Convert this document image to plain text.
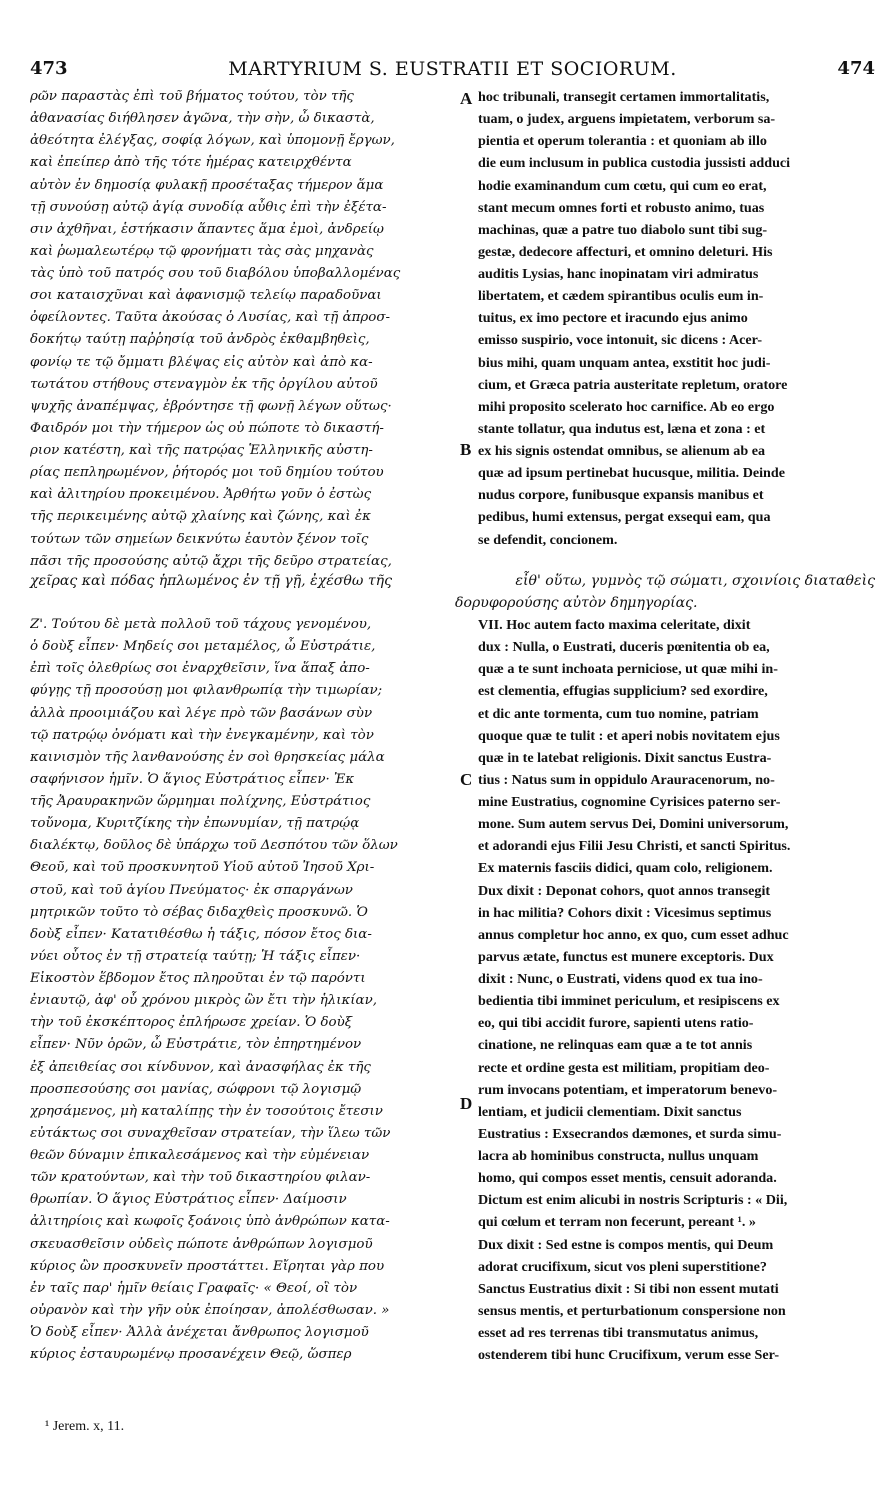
473	MARTYRIUM S. EUSTRATII ET SOCIORUM.	474
ρῶν παραστὰς ἐπὶ τοῦ βήματος τούτου, τὸν τῆς
ἀθανασίας διήθλησεν ἀγῶνα, τὴν σὴν, ὦ δικαστὰ,
ἀθεότητα ἐλέγξας, σοφίᾳ λόγων, καὶ ὑπομονῇ ἔργων,
καὶ ἐπείπερ ἀπὸ τῆς τότε ἡμέρας κατειρχθέντα
αὐτὸν ἐν δημοσίᾳ φυλακῇ προσέταξας τήμερον ἅμα
τῇ συνούσῃ αὐτῷ ἁγίᾳ συνοδίᾳ αὖθις ἐπὶ τὴν ἐξέτα-
σιν ἀχθῆναι, ἑστήκασιν ἅπαντες ἅμα ἐμοὶ, ἀνδρείῳ
καὶ ῥωμαλεωτέρῳ τῷ φρονήματι τὰς σὰς μηχανὰς
τὰς ὑπὸ τοῦ πατρός σου τοῦ διαβόλου ὑποβαλλομένας
σοι καταισχῦναι καὶ ἀφανισμῷ τελείῳ παραδοῦναι
ὀφείλοντες. Ταῦτα ἀκούσας ὁ Λυσίας, καὶ τῇ ἀπροσ-
δοκήτῳ ταύτῃ παῤῥησίᾳ τοῦ ἀνδρὸς ἐκθαμβηθεὶς,
φονίῳ τε τῷ ὄμματι βλέψας εἰς αὐτὸν καὶ ἀπὸ κα-
τωτάτου στήθους στεναγμὸν ἐκ τῆς ὀργίλου αὐτοῦ
ψυχῆς ἀναπέμψας, ἐβρόντησε τῇ φωνῇ λέγων οὕτως·
Φαιδρόν μοι τὴν τήμερον ὡς οὐ πώποτε τὸ δικαστή-
ριον κατέστη, καὶ τῆς πατρῴας Ἑλληνικῆς αὐστη-
ρίας πεπληρωμένον, ῥήτορός μοι τοῦ δημίου τούτου
καὶ ἀλιτηρίου προκειμένου. Ἀρθήτω γοῦν ὁ ἐστὼς
τῆς περικειμένης αὐτῷ χλαίνης καὶ ζώνης, καὶ ἐκ
τούτων τῶν σημείων δεικνύτω ἑαυτὸν ξένον τοῖς
πᾶσι τῆς προσούσης αὐτῷ ἄχρι τῆς δεῦρο στρατείας,
hoc tribunali, transegit certamen immortalitatis,
tuam, o judex, arguens impietatem, verborum sa-
pientia et operum tolerantia : et quoniam ab illo
die eum inclusum in publica custodia jussisti adduci
hodie examinandum cum cœtu, qui cum eo erat,
stant mecum omnes forti et robusto animo, tuas
machinas, quæ a patre tuo diabolo sunt tibi sug-
gestæ, dedecore affecturi, et omnino deleturi. His
auditis Lysias, hanc inopinatam viri admiratus
libertatem, et cædem spirantibus oculis eum in-
tuitus, ex imo pectore et iracundo ejus animo
emisso suspirio, voce intonuit, sic dicens : Acer-
bius mihi, quam unquam antea, exstitit hoc judi-
cium, et Græca patria austeritate repletum, oratore
mihi proposito scelerato hoc carnifice. Ab eo ergo
stante tollatur, qua indutus est, læna et zona : et
ex his signis ostendat omnibus, se alienum ab ea
quæ ad ipsum pertinebat hucusque, militia. Deinde
nudus corpore, funibusque expansis manibus et
pedibus, humi extensus, pergat exsequi eam, qua
se defendit, concionem.
χεῖρας καὶ πόδας ἡπλωμένος ἐν τῇ γῇ, ἐχέσθω τῆς	εἶθ' οὕτω, γυμνὸς τῷ σώματι, σχοινίοις διαταθεὶς
δορυφορούσης αὐτὸν δημηγορίας.
Ζ'. Τούτου δὲ μετὰ πολλοῦ τοῦ τάχους γενομένου,
ὁ δοὺξ εἶπεν· Μηδείς σοι μεταμέλος, ὦ Εὐστράτιε,
ἐπὶ τοῖς ὀλεθρίως σοι ἐναρχθεῖσιν, ἵνα ἅπαξ ἀπο-
φύγῃς τῇ προσούσῃ μοι φιλανθρωπίᾳ τὴν τιμωρίαν;
ἀλλὰ προοιμιάζου καὶ λέγε πρὸ τῶν βασάνων σὺν
τῷ πατρῴῳ ὀνόματι καὶ τὴν ἐνεγκαμένην, καὶ τὸν
καινισμὸν τῆς λανθανούσης ἐν σοὶ θρησκείας μάλα
σαφήνισον ἡμῖν. Ὁ ἅγιος Εὐστράτιος εἶπεν· Ἐκ
τῆς Ἀραυρακηνῶν ὥρμημαι πολίχνης, Εὐστράτιος
τοὔνομα, Κυριτζίκης τὴν ἐπωνυμίαν, τῇ πατρῴᾳ
διαλέκτῳ, δοῦλος δὲ ὑπάρχω τοῦ Δεσπότου τῶν ὅλων
Θεοῦ, καὶ τοῦ προσκυνητοῦ Υἱοῦ αὐτοῦ Ἰησοῦ Χρι-
στοῦ, καὶ τοῦ ἁγίου Πνεύματος· ἐκ σπαργάνων
μητρικῶν τοῦτο τὸ σέβας διδαχθεὶς προσκυνῶ. Ὁ
δοὺξ εἶπεν· Κατατιθέσθω ἡ τάξις, πόσον ἔτος δια-
νύει οὗτος ἐν τῇ στρατείᾳ ταύτῃ; Ἡ τάξις εἶπεν·
Εἰκοστὸν ἕβδομον ἔτος πληροῦται ἐν τῷ παρόντι
ἐνιαυτῷ, ἀφ' οὗ χρόνου μικρὸς ὢν ἔτι τὴν ἡλικίαν,
τὴν τοῦ ἐκσκέπτορος ἐπλήρωσε χρείαν. Ὁ δοὺξ
εἶπεν· Νῦν ὁρῶν, ὦ Εὐστράτιε, τὸν ἐπηρτημένον
ἐξ ἀπειθείας σοι κίνδυνον, καὶ ἀνασφήλας ἐκ τῆς
προσπεσούσης σοι μανίας, σώφρονι τῷ λογισμῷ
χρησάμενος, μὴ καταλίπῃς τὴν ἐν τοσούτοις ἔτεσιν
εὐτάκτως σοι συναχθεῖσαν στρατείαν, τὴν ἵλεω τῶν
θεῶν δύναμιν ἐπικαλεσάμενος καὶ τὴν εὐμένειαν
τῶν κρατούντων, καὶ τὴν τοῦ δικαστηρίου φιλαν-
θρωπίαν. Ὁ ἅγιος Εὐστράτιος εἶπεν· Δαίμοσιν
ἀλιτηρίοις καὶ κωφοῖς ξοάνοις ὑπὸ ἀνθρώπων κατα-
σκευασθεῖσιν οὐδεὶς πώποτε ἀνθρώπων λογισμοῦ
κύριος ὢν προσκυνεῖν προστάττει. Εἴρηται γὰρ που
ἐν ταῖς παρ' ἡμῖν θείαις Γραφαῖς· « Θεοί, οἳ τὸν
οὐρανὸν καὶ τὴν γῆν οὐκ ἐποίησαν, ἀπολέσθωσαν. »
Ὁ δοὺξ εἶπεν· Ἀλλὰ ἀνέχεται ἄνθρωπος λογισμοῦ
κύριος ἐσταυρωμένῳ προσανέχειν Θεῷ, ὥσπερ
VII. Hoc autem facto maxima celeritate, dixit
dux : Nulla, o Eustrati, duceris pœnitentia ob ea,
quæ a te sunt inchoata perniciose, ut quæ mihi in-
est clementia, effugias supplicium? sed exordire,
et dic ante tormenta, cum tuo nomine, patriam
quoque quæ te tulit : et aperi nobis novitatem ejus
quæ in te latebat religionis. Dixit sanctus Eustra-
tius : Natus sum in oppidulo Arauracenorum, no-
mine Eustratius, cognomine Cyrisices paterno ser-
mone. Sum autem servus Dei, Domini universorum,
et adorandi ejus Filii Jesu Christi, et sancti Spiritus.
Ex maternis fasciis didici, quam colo, religionem.
Dux dixit : Deponat cohors, quot annos transegit
in hac militia? Cohors dixit : Vicesimus septimus
annus completur hoc anno, ex quo, cum esset adhuc
parvus ætate, functus est munere exceptoris. Dux
dixit : Nunc, o Eustrati, videns quod ex tua ino-
bedientia tibi imminet periculum, et resipiscens ex
eo, qui tibi accidit furore, sapienti utens ratio-
cinatione, ne relinquas eam quæ a te tot annis
recte et ordine gesta est militiam, propitiam deo-
rum invocans potentiam, et imperatorum benevo-
lentiam, et judicii clementiam. Dixit sanctus
Eustratius : Exsecrandos dæmones, et surda simu-
lacra ab hominibus constructa, nullus unquam
homo, qui compos esset mentis, censuit adoranda.
Dictum est enim alicubi in nostris Scripturis : « Dii,
qui cœlum et terram non fecerunt, pereant ¹. »
Dux dixit : Sed estne is compos mentis, qui Deum
adorat crucifixum, sicut vos pleni superstitione?
Sanctus Eustratius dixit : Si tibi non essent mutati
sensus mentis, et perturbationum conspersione non
esset ad res terrenas tibi transmutatus animus,
ostenderem tibi hunc Crucifixum, verum esse Ser-
A
B
C
D
¹ Jerem. x, 11.
